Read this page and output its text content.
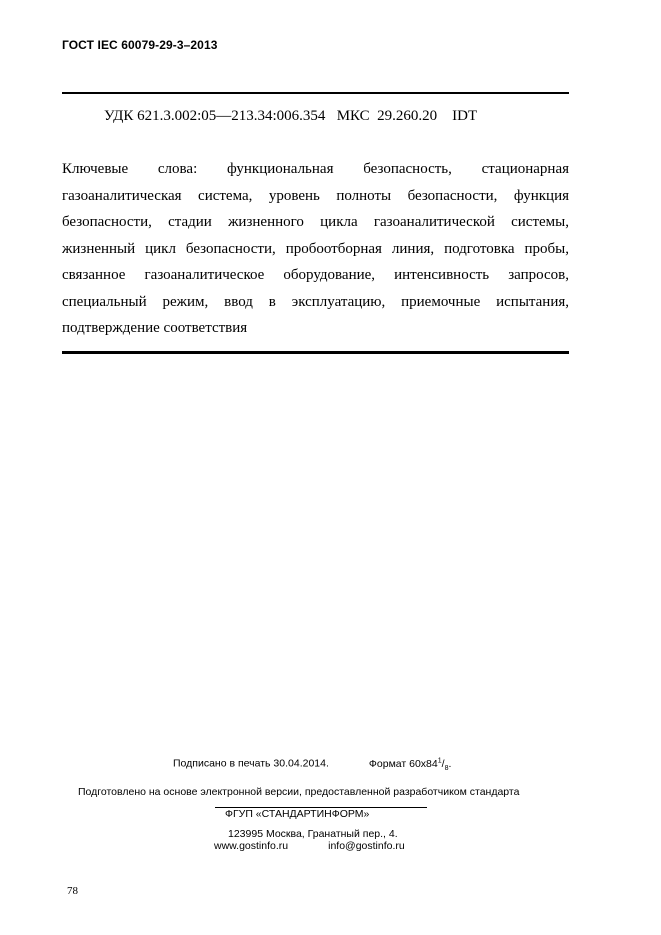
ГОСТ IEC 60079-29-3–2013
УДК 621.3.002:05—213.34:006.354 МКС 29.260.20 IDT
Ключевые слова: функциональная безопасность, стационарная газоаналитическая система, уровень полноты безопасности, функция безопасности, стадии жизненного цикла газоаналитической системы, жизненный цикл безопасности, пробоотборная линия, подготовка пробы, связанное газоаналитическое оборудование, интенсивность запросов, специальный режим, ввод в эксплуатацию, приемочные испытания, подтверждение соответствия
Подписано в печать 30.04.2014.	Формат $60x84^1/_8$.
Подготовлено на основе электронной версии, предоставленной разработчиком стандарта
ФГУП «СТАНДАРТИНФОРМ»
123995 Москва, Гранатный пер., 4.
www.gostinfo.ru	info@gostinfo.ru
78
